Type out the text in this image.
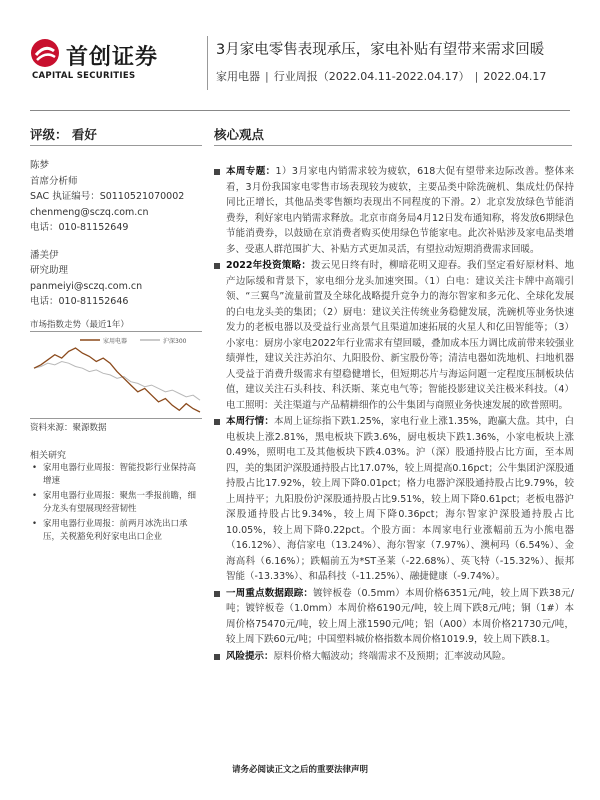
首创证券
CAPITAL SECURITIES
3月家电零售表现承压，家电补贴有望带来需求回暖
家用电器 | 行业周报（2022.04.11-2022.04.17） | 2022.04.17
评级： 看好	核心观点
陈梦
首席分析师
SAC 执证编号：S0110521070002
chenmeng@sczq.com.cn
电话：010-81152649
潘美伊
研究助理
panmeiyi@sczq.com.cn
电话：010-81152646
市场指数走势（最近1年）
家用电器	沪深300
资料来源：聚源数据
相关研究
• 家用电器行业周报：智能投影行业保持高增速
• 家用电器行业周报：聚焦一季报前瞻，细分龙头有望展现经营韧性
• 家用电器行业周报：前两月冰洗出口承压，关税豁免利好家电出口企业
本周专题：1）3月家电内销需求较为疲软，618大促有望带来边际改善。整体来看，3月份我国家电零售市场表现较为疲软，主要品类中除洗碗机、集成灶仍保持同比正增长，其他品类零售额均表现出不同程度的下滑。2）北京发放绿色节能消费券，利好家电内销需求释放。北京市商务局4月12日发布通知称，将发放6期绿色节能消费券，以鼓励在京消费者购买使用绿色节能家电。此次补贴涉及家电品类增多、受惠人群范围扩大、补贴方式更加灵活，有望拉动短期消费需求回暖。
2022年投资策略：拨云见日终有时，柳暗花明又迎春。我们坚定看好原材料、地产边际缓和背景下，家电细分龙头加速突围。（1）白电：建议关注卡牌中高端引领、“三翼鸟”流量前置及全球化战略提升竞争力的海尔智家和多元化、全球化发展的白电龙头美的集团；（2）厨电：建议关注传统业务稳健发展，洗碗机等业务快速发力的老板电器以及受益行业高景气且渠道加速拓展的火星人和亿田智能等；（3）小家电：厨房小家电2022年行业需求有望回暖，叠加成本压力调比成前带来较强业绩弹性，建议关注苏泊尔、九阳股份、新宝股份等；清洁电器如洗地机、扫地机器人受益于消费升级需求有望稳健增长，但短期芯片与海运问题一定程度压制板块估值，建议关注石头科技、科沃斯、莱克电气等；智能投影建议关注极米科技。（4）电工照明：关注渠道与产品精耕细作的公牛集团与商照业务快速发展的欧普照明。
本周行情：本周上证综指下跌1.25%，家电行业上涨1.35%，跑赢大盘。其中，白电板块上涨2.81%，黑电板块下跌3.6%，厨电板块下跌1.36%，小家电板块上涨0.49%，照明电工及其他板块下跌4.03%。沪（深）股通持股占比方面，至本周四，美的集团沪深股通持股占比17.07%，较上周提高0.16pct；公牛集团沪深股通持股占比17.92%，较上周下降0.01pct；格力电器沪深股通持股占比9.79%，较上周持平；九阳股份沪深股通持股占比9.51%，较上周下降0.61pct；老板电器沪深股通持股占比9.34%，较上周下降0.36pct；海尔智家沪深股通持股占比10.05%，较上周下降0.22pct。个股方面：本周家电行业涨幅前五为小熊电器（16.12%）、海信家电（13.24%）、海尔智家（7.97%）、澳柯玛（6.54%）、金海高科（6.16%）；跌幅前五为*ST圣莱（-22.68%）、英飞特（-15.32%）、振邦智能（-13.33%）、和晶科技（-11.25%）、融捷健康（-9.74%）。
一周重点数据跟踪：镀锌板卷（0.5mm）本周价格6351元/吨，较上周下跌38元/吨；镀锌板卷（1.0mm）本周价格6190元/吨，较上周下跌8元/吨；铜（1#）本周价格75470元/吨，较上周上涨1590元/吨；铝（A00）本周价格21730元/吨，较上周下跌60元/吨；中国塑料城价格指数本周价格1019.9，较上周下跌8.1。
风险提示：原料价格大幅波动；终端需求不及预期；汇率波动风险。
请务必阅读正文之后的重要法律声明
